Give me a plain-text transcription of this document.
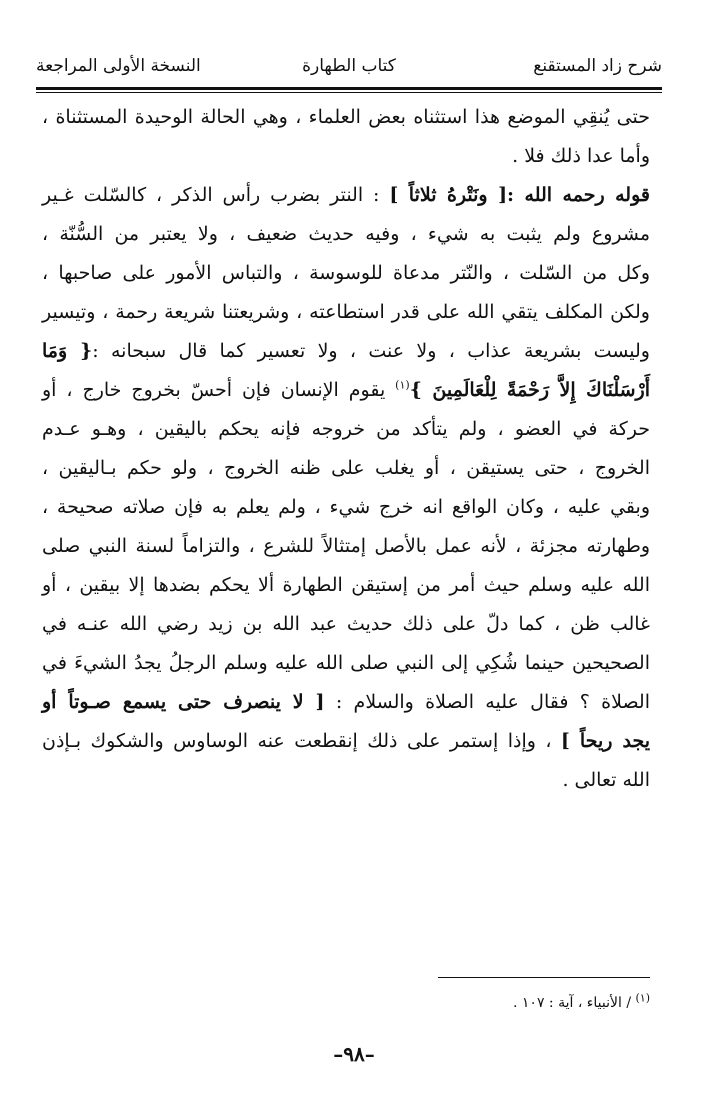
شرح زاد المستقنع
كتاب الطهارة
النسخة الأولى المراجعة
حتى يُنقِي الموضع هذا استثناه بعض العلماء ، وهي الحالة الوحيدة المستثناة ،
وأما عدا ذلك فلا .
قوله رحمه الله :[ ونَتْرهُ ثلاثاً ] : النتر بضرب رأس الذكر ، كالسّلت غـير
مشروع ولم يثبت به شيء ، وفيه حديث ضعيف ، ولا يعتبر من السُّنّة ،
وكل من السّلت ، والنّتر مدعاة للوسوسة ، والتباس الأمور على صاحبها ،
ولكن المكلف يتقي الله على قدر استطاعته ، وشريعتنا شريعة رحمة ، وتيسير
وليست بشريعة عذاب ، ولا عنت ، ولا تعسير كما قال سبحانه :{ وَمَا
أَرْسَلْنَاكَ إِلاَّ رَحْمَةً لِلْعَالَمِينَ }$^{(١)}$ يقوم الإنسان فإن أحسّ بخروج خارج ، أو
حركة في العضو ، ولم يتأكد من خروجه فإنه يحكم باليقين ، وهـو عـدم
الخروج ، حتى يستيقن ، أو يغلب على ظنه الخروج ، ولو حكم بـاليقين ،
وبقي عليه ، وكان الواقع انه خرج شيء ، ولم يعلم به فإن صلاته صحيحة ،
وطهارته مجزئة ، لأنه عمل بالأصل إمتثالاً للشرع ، والتزاماً لسنة النبي صلى
الله عليه وسلم حيث أمر من إستيقن الطهارة ألا يحكم بضدها إلا بيقين ، أو
غالب ظن ، كما دلّ على ذلك حديث عبد الله بن زيد رضي الله عنـه في
الصحيحين حينما شُكِي إلى النبي صلى الله عليه وسلم الرجلُ يجدُ الشيءَ في
الصلاة ؟ فقال عليه الصلاة والسلام : [ لا ينصرف حتى يسمع صـوتاً أو
يجد ريحاً ] ، وإذا إستمر على ذلك إنقطعت عنه الوساوس والشكوك بـإذن
الله تعالى .
$^{(١)}$ / الأنبياء ، آية : ١٠٧ .
–٩٨–
